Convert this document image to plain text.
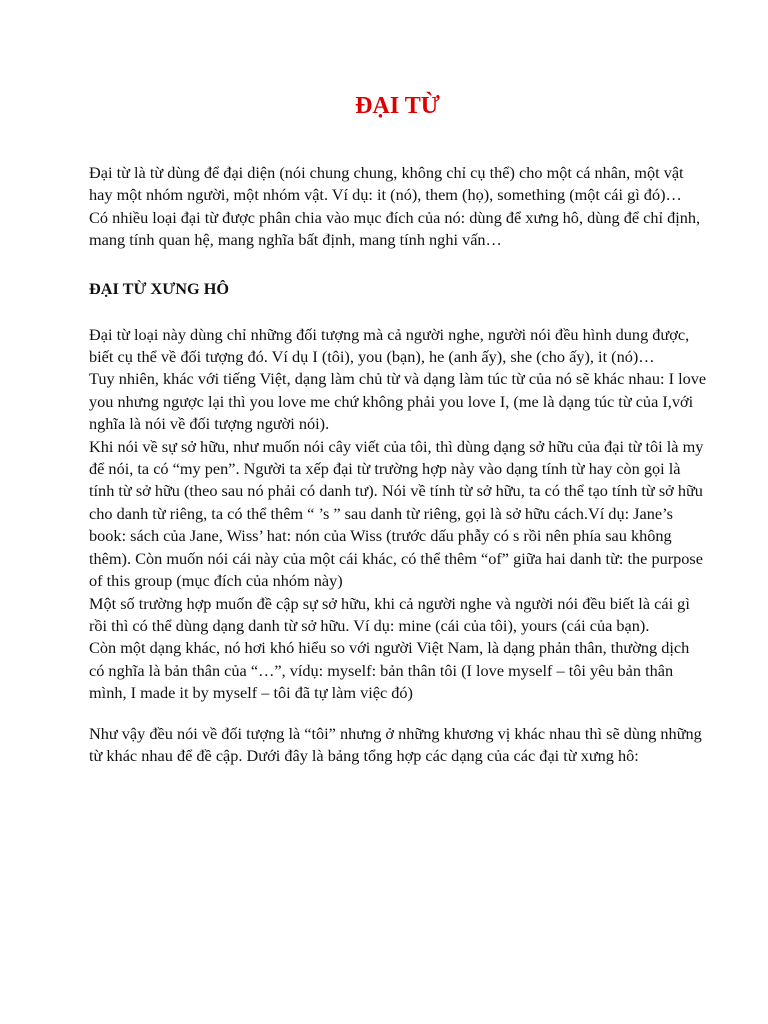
ĐẠI TỪ

Đại từ là từ dùng để đại diện (nói chung chung, không chỉ cụ thể) cho một cá nhân, một vật hay một nhóm người, một nhóm vật. Ví dụ: it (nó), them (họ), something (một cái gì đó)…

Có nhiều loại đại từ được phân chia vào mục đích của nó: dùng để xưng hô, dùng để chỉ định, mang tính quan hệ, mang nghĩa bất định, mang tính nghi vấn…

ĐẠI TỪ XƯNG HÔ

Đại từ loại này dùng chỉ những đối tượng mà cả người nghe, người nói đều hình dung được, biết cụ thể về đối tượng đó. Ví dụ I (tôi), you (bạn), he (anh ấy), she (cho ấy), it (nó)…

Tuy nhiên, khác với tiếng Việt, dạng làm chủ từ và dạng làm túc từ của nó sẽ khác nhau: I love you nhưng ngược lại thì you love me chứ không phải you love I, (me là dạng túc từ của I,với nghĩa là nói về đối tượng người nói).

Khi nói về sự sở hữu, như muốn nói cây viết của tôi, thì dùng dạng sở hữu của đại từ tôi là my để nói, ta có “my pen”. Người ta xếp đại từ trường hợp này vào dạng tính từ hay còn gọi là tính từ sở hữu (theo sau nó phải có danh tư). Nói về tính từ sở hữu, ta có thể tạo tính từ sở hữu cho danh từ riêng, ta có thể thêm “ ’s ” sau danh từ riêng, gọi là sở hữu cách.Ví dụ: Jane’s book: sách của Jane, Wiss’ hat: nón của Wiss (trước dấu phẫy có s rồi nên phía sau không thêm). Còn muốn nói cái này của một cái khác, có thể thêm “of” giữa hai danh từ: the purpose of this group (mục đích của nhóm này)

Một số trường hợp muốn đề cập sự sở hữu, khi cả người nghe và người nói đều biết là cái gì rồi thì có thể dùng dạng danh từ sở hữu. Ví dụ: mine (cái của tôi), yours (cái của bạn).

Còn một dạng khác, nó hơi khó hiểu so với người Việt Nam, là dạng phản thân, thường dịch có nghĩa là bản thân của “…”, vídụ: myself: bản thân tôi (I love myself – tôi yêu bản thân mình, I made it by myself – tôi đã tự làm việc đó)

Như vậy đều nói về đối tượng là “tôi” nhưng ở những khương vị khác nhau thì sẽ dùng những từ khác nhau để đề cập. Dưới đây là bảng tổng hợp các dạng của các đại từ xưng hô:
